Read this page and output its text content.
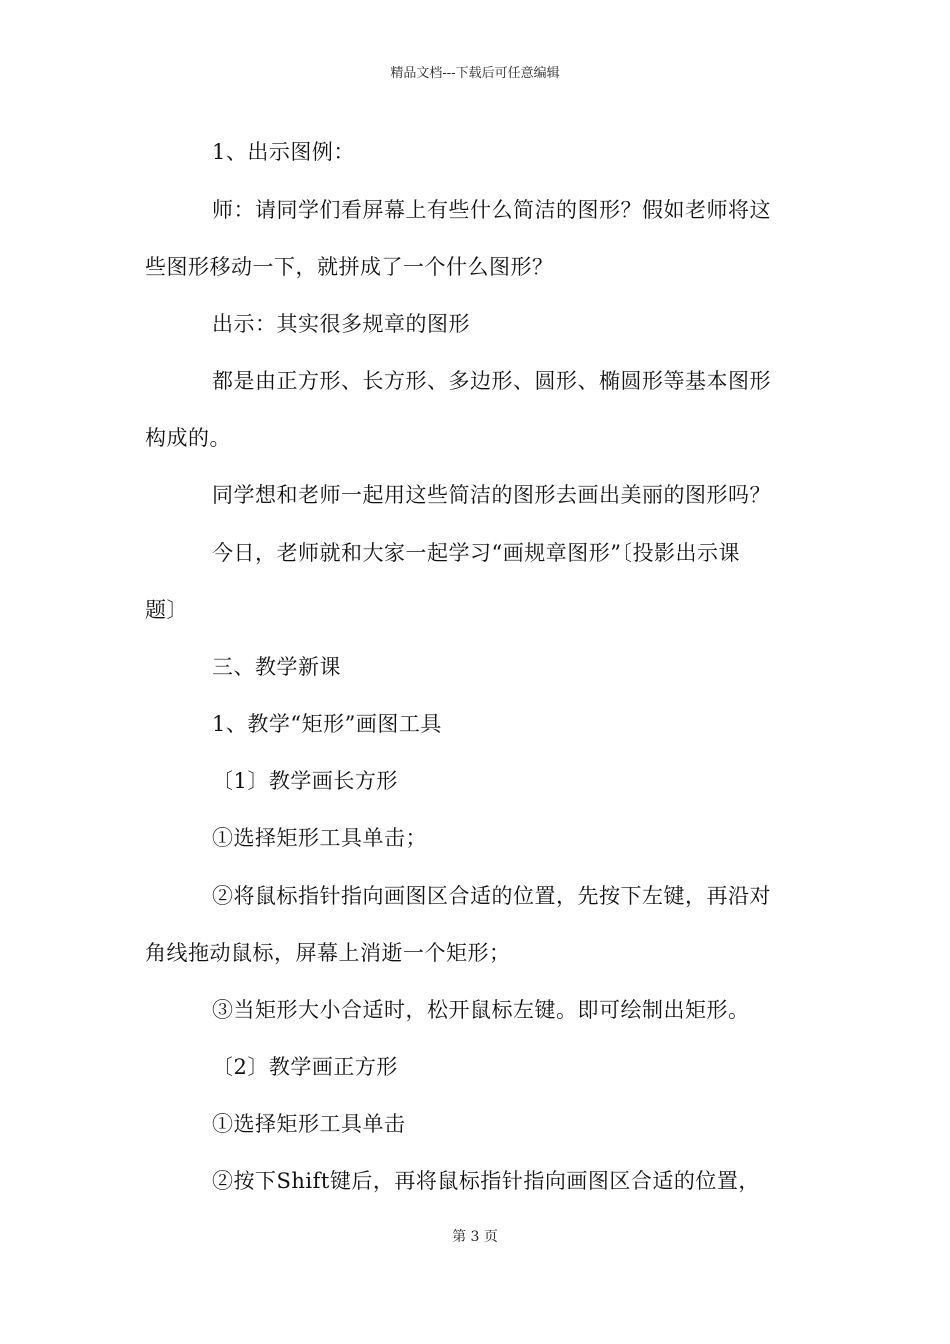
精品文档---下载后可任意编辑
1、出示图例：
师：请同学们看屏幕上有些什么简洁的图形？假如老师将这
些图形移动一下，就拼成了一个什么图形？
出示：其实很多规章的图形
都是由正方形、长方形、多边形、圆形、椭圆形等基本图形
构成的。
同学想和老师一起用这些简洁的图形去画出美丽的图形吗？
今日，老师就和大家一起学习“画规章图形”〔投影出示课
题〕
三、教学新课
1、教学“矩形”画图工具
〔1〕教学画长方形
①选择矩形工具单击；
②将鼠标指针指向画图区合适的位置，先按下左键，再沿对
角线拖动鼠标，屏幕上消逝一个矩形；
③当矩形大小合适时，松开鼠标左键。即可绘制出矩形。
〔2〕教学画正方形
①选择矩形工具单击
②按下Shift键后，再将鼠标指针指向画图区合适的位置，
第 3 页
